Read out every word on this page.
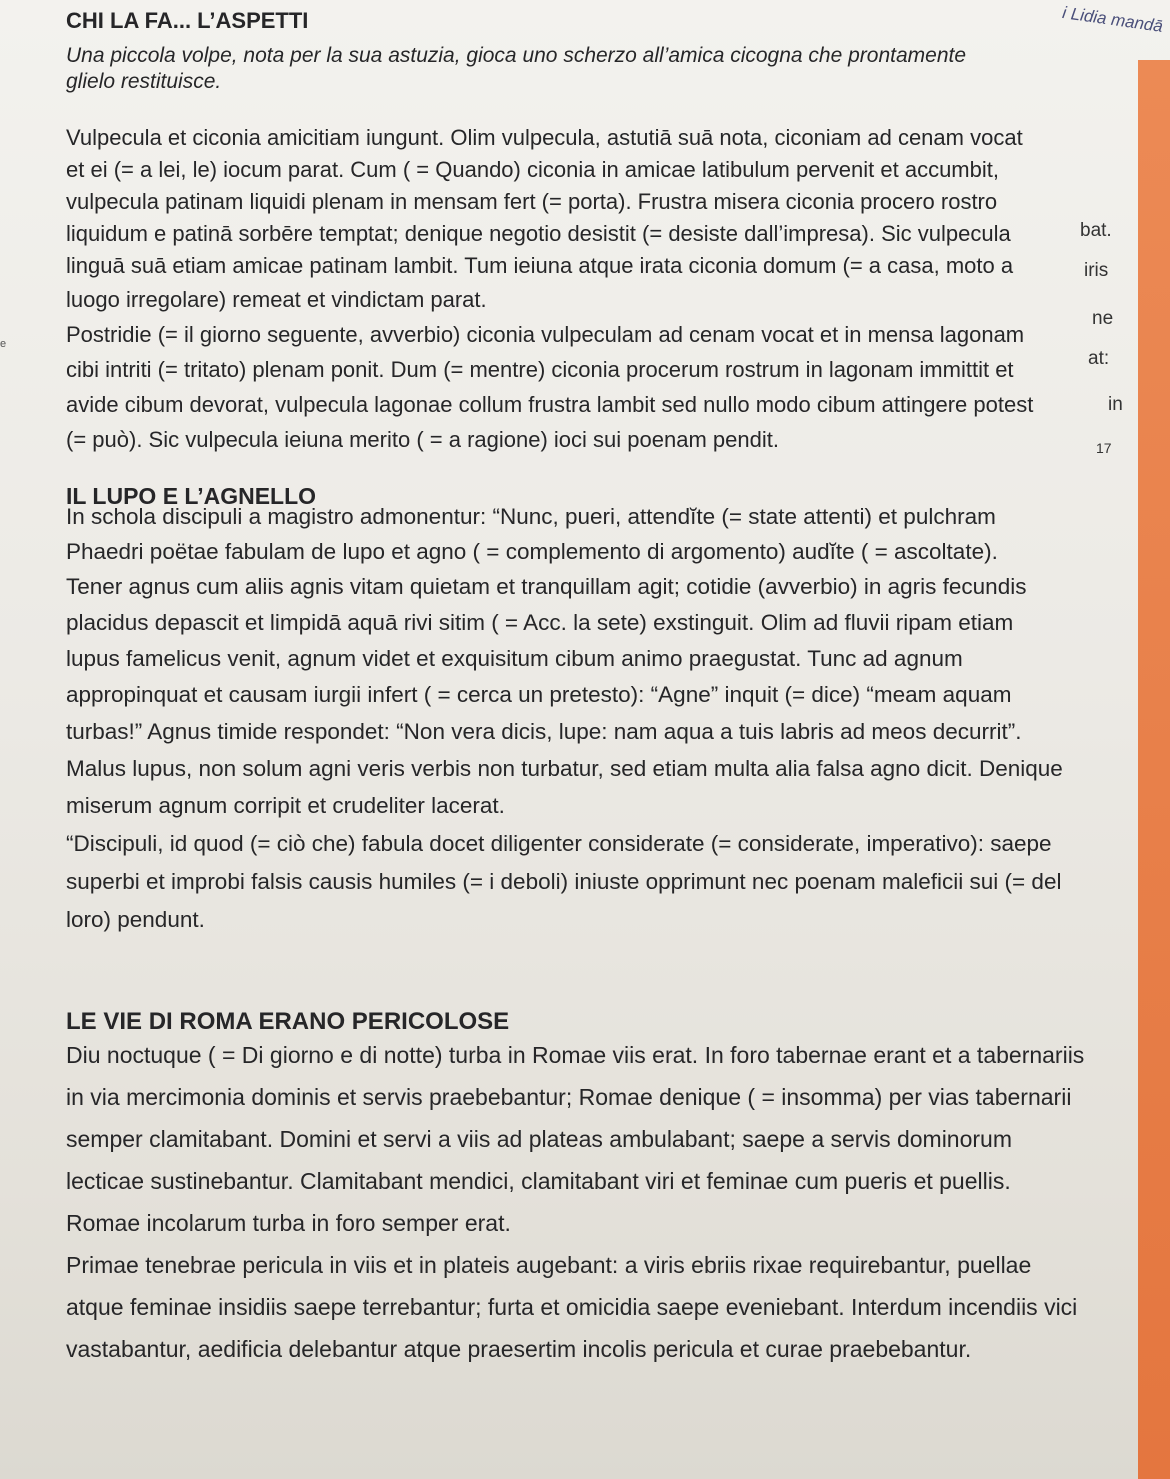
i Lidia mandā
bat.
iris
ne
at:
in
17
e
CHI LA FA... L’ASPETTI
Una piccola volpe, nota per la sua astuzia, gioca uno scherzo all’amica cicogna che prontamente
glielo restituisce.
Vulpecula et ciconia amicitiam iungunt. Olim vulpecula, astutiā suā nota, ciconiam ad cenam vocat
et ei (= a lei, le) iocum parat. Cum ( = Quando) ciconia in amicae latibulum pervenit et accumbit,
vulpecula patinam liquidi plenam in mensam fert (= porta). Frustra misera ciconia procero rostro
liquidum e patinā sorbēre temptat; denique negotio desistit (= desiste dall’impresa). Sic vulpecula
linguā suā etiam amicae patinam lambit. Tum ieiuna atque irata ciconia domum (= a casa, moto a
luogo irregolare) remeat et vindictam parat.
Postridie (= il giorno seguente, avverbio) ciconia vulpeculam ad cenam vocat et in mensa lagonam
cibi intriti (= tritato) plenam ponit. Dum (= mentre) ciconia procerum rostrum in lagonam immittit et
avide cibum devorat, vulpecula lagonae collum frustra lambit sed nullo modo cibum attingere potest
(= può). Sic vulpecula ieiuna merito ( = a ragione) ioci sui poenam pendit.
IL LUPO E L’AGNELLO
In schola discipuli a magistro admonentur: “Nunc, pueri, attendĭte (= state attenti) et pulchram
Phaedri poëtae fabulam de lupo et agno ( = complemento di argomento) audĭte ( = ascoltate).
Tener agnus cum aliis agnis vitam quietam et tranquillam agit; cotidie (avverbio) in agris fecundis
placidus depascit et limpidā aquā rivi sitim ( = Acc. la sete) exstinguit. Olim ad fluvii ripam etiam
lupus famelicus venit, agnum videt et exquisitum cibum animo praegustat. Tunc ad agnum
appropinquat et causam iurgii infert ( = cerca un pretesto): “Agne” inquit (= dice) “meam aquam
turbas!” Agnus timide respondet: “Non vera dicis, lupe: nam aqua a tuis labris ad meos decurrit”.
Malus lupus, non solum agni veris verbis non turbatur, sed etiam multa alia falsa agno dicit. Denique
miserum agnum corripit et crudeliter lacerat.
“Discipuli, id quod (= ciò che) fabula docet diligenter considerate (= considerate, imperativo): saepe
superbi et improbi falsis causis humiles (= i deboli) iniuste opprimunt nec poenam maleficii sui (= del
loro) pendunt.
LE VIE DI ROMA ERANO PERICOLOSE
Diu noctuque ( = Di giorno e di notte) turba in Romae viis erat. In foro tabernae erant et a tabernariis
in via mercimonia dominis et servis praebebantur; Romae denique ( = insomma) per vias tabernarii
semper clamitabant. Domini et servi a viis ad plateas ambulabant; saepe a servis dominorum
lecticae sustinebantur. Clamitabant mendici, clamitabant viri et feminae cum pueris et puellis.
Romae incolarum turba in foro semper erat.
Primae tenebrae pericula in viis et in plateis augebant: a viris ebriis rixae requirebantur, puellae
atque feminae insidiis saepe terrebantur; furta et omicidia saepe eveniebant. Interdum incendiis vici
vastabantur, aedificia delebantur atque praesertim incolis pericula et curae praebebantur.
